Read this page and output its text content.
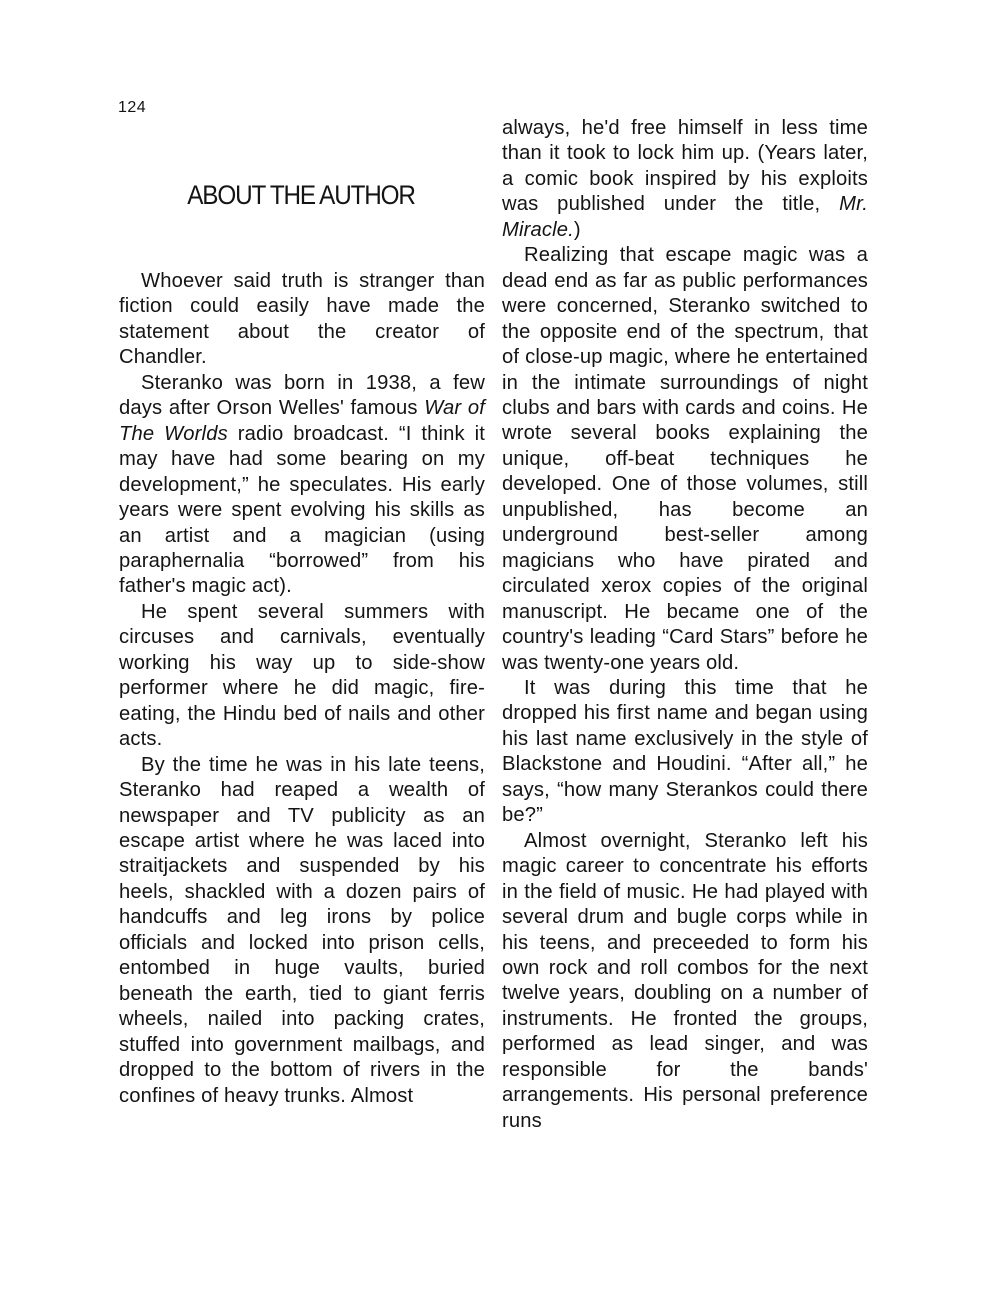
124
ABOUT THE AUTHOR

Whoever said truth is stranger than fiction could easily have made the statement about the creator of Chandler.

Steranko was born in 1938, a few days after Orson Welles' famous War of The Worlds radio broadcast. “I think it may have had some bearing on my development,” he speculates. His early years were spent evolving his skills as an artist and a magician (using paraphernalia “borrowed” from his father's magic act).

He spent several summers with circuses and carnivals, eventually working his way up to side-show performer where he did magic, fire-eating, the Hindu bed of nails and other acts.

By the time he was in his late teens, Steranko had reaped a wealth of newspaper and TV publicity as an escape artist where he was laced into straitjackets and suspended by his heels, shackled with a dozen pairs of handcuffs and leg irons by police officials and locked into prison cells, entombed in huge vaults, buried beneath the earth, tied to giant ferris wheels, nailed into packing crates, stuffed into government mailbags, and dropped to the bottom of rivers in the confines of heavy trunks. Almost

always, he'd free himself in less time than it took to lock him up. (Years later, a comic book inspired by his exploits was published under the title, Mr. Miracle.)

Realizing that escape magic was a dead end as far as public performances were concerned, Steranko switched to the opposite end of the spectrum, that of close-up magic, where he entertained in the intimate surroundings of night clubs and bars with cards and coins. He wrote several books explaining the unique, off-beat techniques he developed. One of those volumes, still unpublished, has become an underground best-seller among magicians who have pirated and circulated xerox copies of the original manuscript. He became one of the country's leading “Card Stars” before he was twenty-one years old.

It was during this time that he dropped his first name and began using his last name exclusively in the style of Blackstone and Houdini. “After all,” he says, “how many Sterankos could there be?”

Almost overnight, Steranko left his magic career to concentrate his efforts in the field of music. He had played with several drum and bugle corps while in his teens, and preceeded to form his own rock and roll combos for the next twelve years, doubling on a number of instruments. He fronted the groups, performed as lead singer, and was responsible for the bands' arrangements. His personal preference runs
